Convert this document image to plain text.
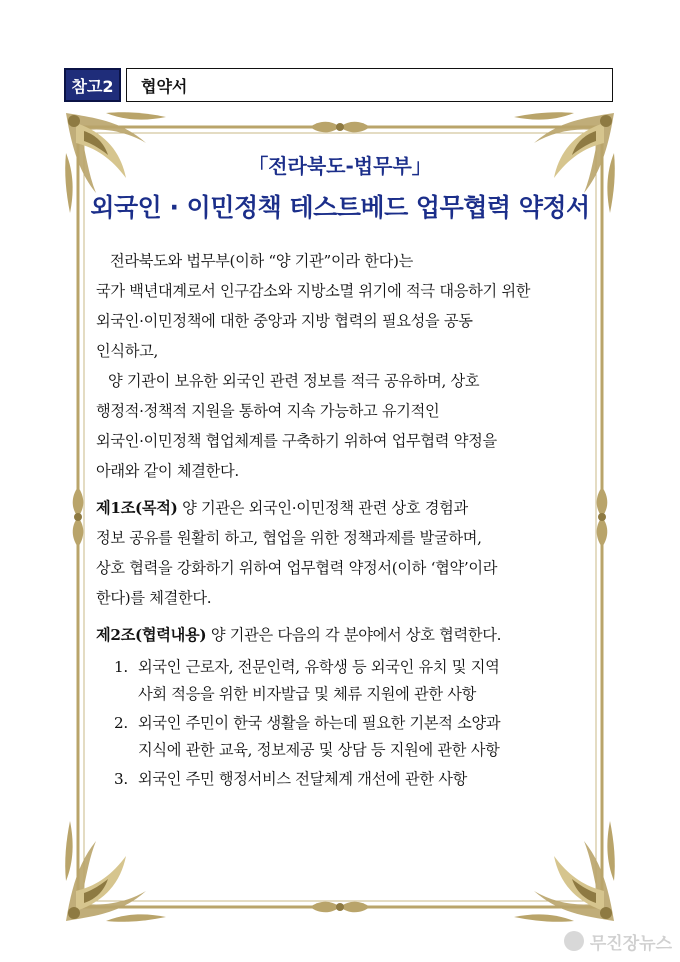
참고2	협약서
「전라북도-법무부」
외국인 · 이민정책 테스트베드 업무협력 약정서
전라북도와 법무부(이하 “양 기관”이라 한다)는
국가 백년대계로서 인구감소와 지방소멸 위기에 적극 대응하기 위한
외국인·이민정책에 대한 중앙과 지방 협력의 필요성을 공동
인식하고,
양 기관이 보유한 외국인 관련 정보를 적극 공유하며, 상호
행정적·정책적 지원을 통하여 지속 가능하고 유기적인
외국인·이민정책 협업체계를 구축하기 위하여 업무협력 약정을
아래와 같이 체결한다.
제1조(목적) 양 기관은 외국인·이민정책 관련 상호 경험과
정보 공유를 원활히 하고, 협업을 위한 정책과제를 발굴하며,
상호 협력을 강화하기 위하여 업무협력 약정서(이하 ‘협약’이라
한다)를 체결한다.
제2조(협력내용) 양 기관은 다음의 각 분야에서 상호 협력한다.
1. 외국인 근로자, 전문인력, 유학생 등 외국인 유치 및 지역
사회 적응을 위한 비자발급 및 체류 지원에 관한 사항
2. 외국인 주민이 한국 생활을 하는데 필요한 기본적 소양과
지식에 관한 교육, 정보제공 및 상담 등 지원에 관한 사항
3. 외국인 주민 행정서비스 전달체계 개선에 관한 사항
무진장뉴스
